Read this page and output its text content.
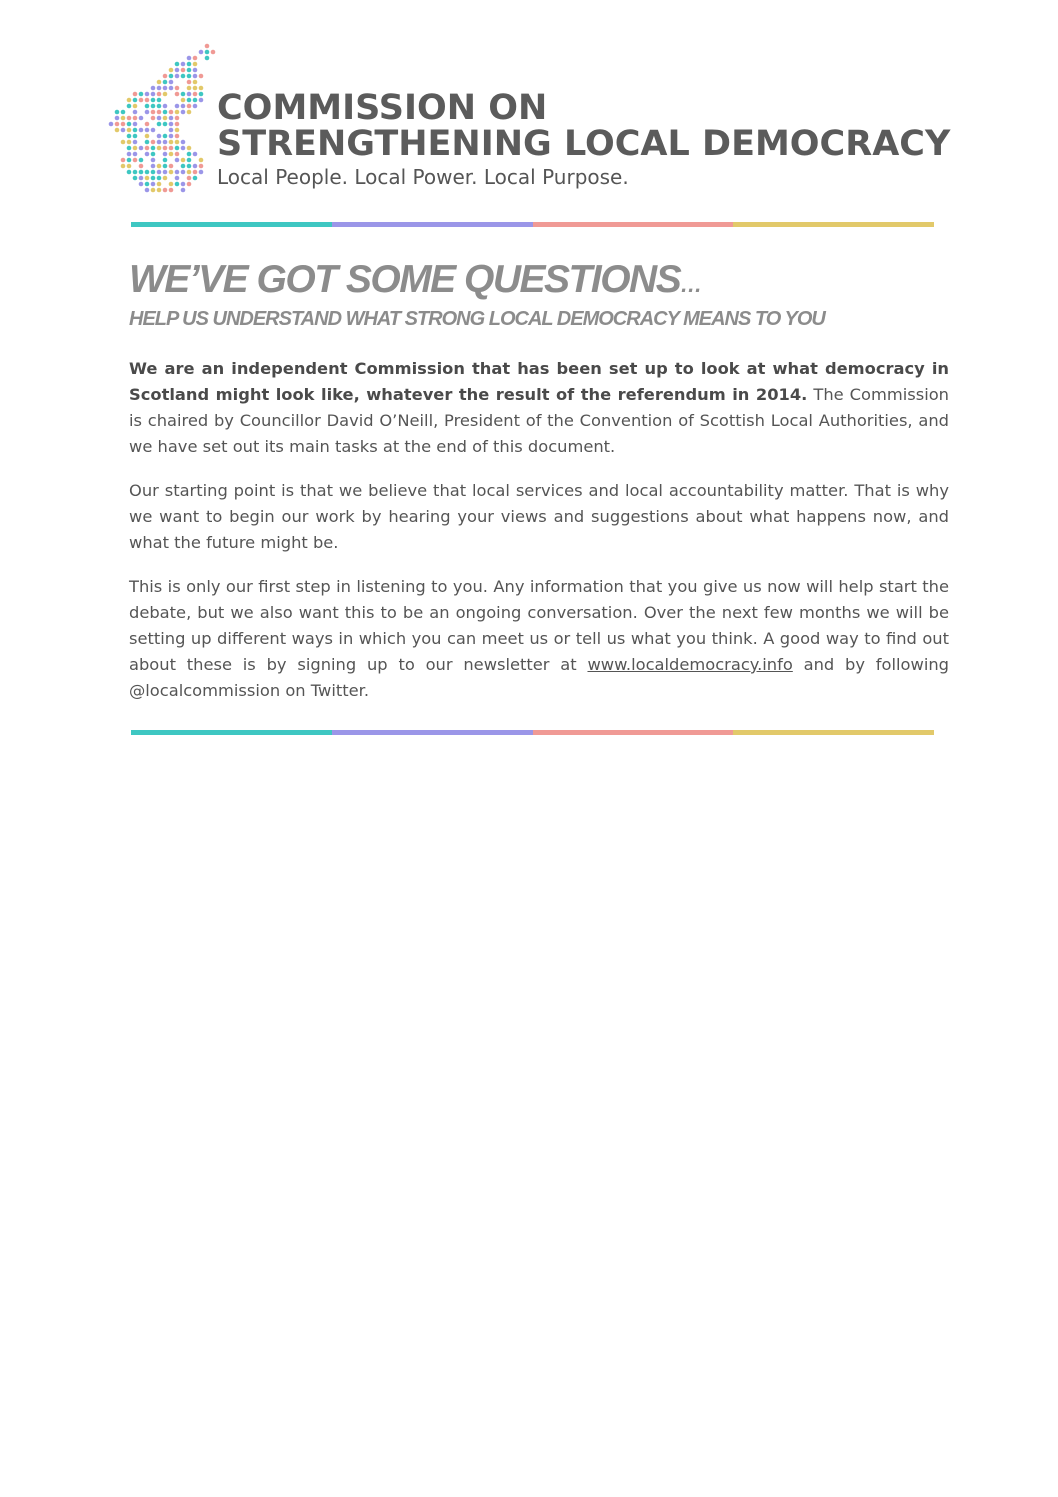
COMMISSION ON
STRENGTHENING LOCAL DEMOCRACY
Local People. Local Power. Local Purpose.
WE’VE GOT SOME QUESTIONS…
HELP US UNDERSTAND WHAT STRONG LOCAL DEMOCRACY MEANS TO YOU

We are an independent Commission that has been set up to look at what democracy in Scotland might look like, whatever the result of the referendum in 2014. The Commission is chaired by Councillor David O’Neill, President of the Convention of Scottish Local Authorities, and we have set out its main tasks at the end of this document.

Our starting point is that we believe that local services and local accountability matter. That is why we want to begin our work by hearing your views and suggestions about what happens now, and what the future might be.

This is only our first step in listening to you. Any information that you give us now will help start the debate, but we also want this to be an ongoing conversation. Over the next few months we will be setting up different ways in which you can meet us or tell us what you think. A good way to find out about these is by signing up to our newsletter at www.localdemocracy.info and by following @localcommission on Twitter.
